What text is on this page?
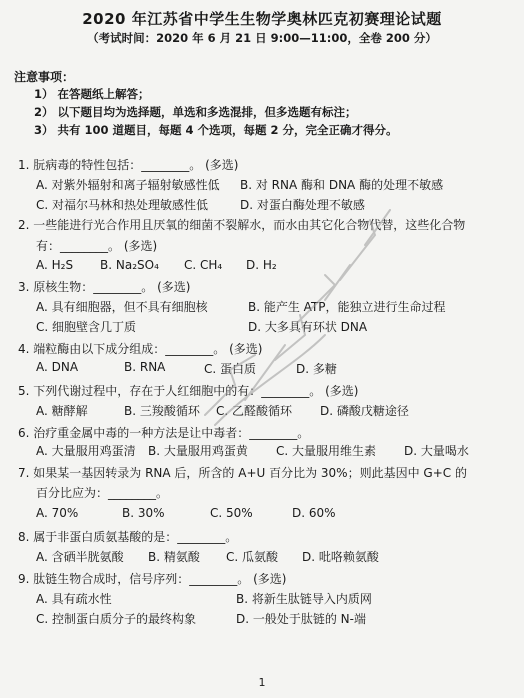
2020 年江苏省中学生生物学奥林匹克初赛理论试题
（考试时间：2020 年 6 月 21 日 9:00—11:00，全卷 200 分）
注意事项：
1） 在答题纸上解答；
2） 以下题目均为选择题，单选和多选混排，但多选题有标注；
3） 共有 100 道题目，每题 4 个选项，每题 2 分，完全正确才得分。
1. 朊病毒的特性包括：________。 (多选)
A. 对紫外辐射和离子辐射敏感性低 B. 对 RNA 酶和 DNA 酶的处理不敏感
C. 对福尔马林和热处理敏感性低	D. 对蛋白酶处理不敏感
2. 一些能进行光合作用且厌氧的细菌不裂解水，而水由其它化合物代替，这些化合物
有：________。 (多选)
A. H₂S B. Na₂SO₄ C. CH₄ D. H₂
3. 原核生物：________。 (多选)
A. 具有细胞器，但不具有细胞核	B. 能产生 ATP，能独立进行生命过程
C. 细胞壁含几丁质	D. 大多具有环状 DNA
4. 端粒酶由以下成分组成：________。 (多选)
A. DNA	B. RNA	C. 蛋白质	D. 多糖
5. 下列代谢过程中，存在于人红细胞中的有：________。 (多选)
A. 糖酵解	B. 三羧酸循环 C. 乙醛酸循环 D. 磷酸戊糖途径
6. 治疗重金属中毒的一种方法是让中毒者：________。
A. 大量服用鸡蛋清 B. 大量服用鸡蛋黄 C. 大量服用维生素 D. 大量喝水
7. 如果某一基因转录为 RNA 后，所含的 A+U 百分比为 30%；则此基因中 G+C 的
百分比应为：________。
A. 70%	B. 30%	C. 50%	D. 60%
8. 属于非蛋白质氨基酸的是：________。
A. 含硒半胱氨酸 B. 精氨酸 C. 瓜氨酸 D. 吡咯赖氨酸
9. 肽链生物合成时，信号序列：________。 (多选)
A. 具有疏水性	B. 将新生肽链导入内质网
C. 控制蛋白质分子的最终构象	D. 一般处于肽链的 N-端
1
